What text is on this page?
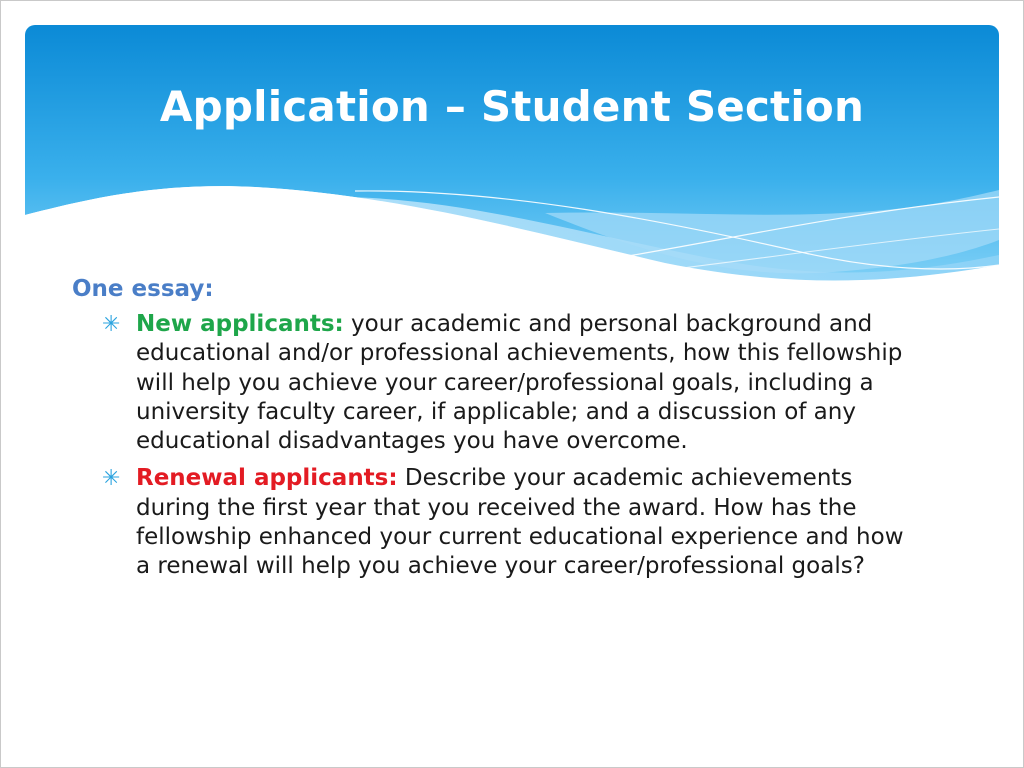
Application – Student Section

One essay:

✳ New applicants: your academic and personal background and educational and/or professional achievements, how this fellowship will help you achieve your career/professional goals, including a university faculty career, if applicable; and a discussion of any educational disadvantages you have overcome.
✳ Renewal applicants: Describe your academic achievements during the first year that you received the award. How has the fellowship enhanced your current educational experience and how a renewal will help you achieve your career/professional goals?
